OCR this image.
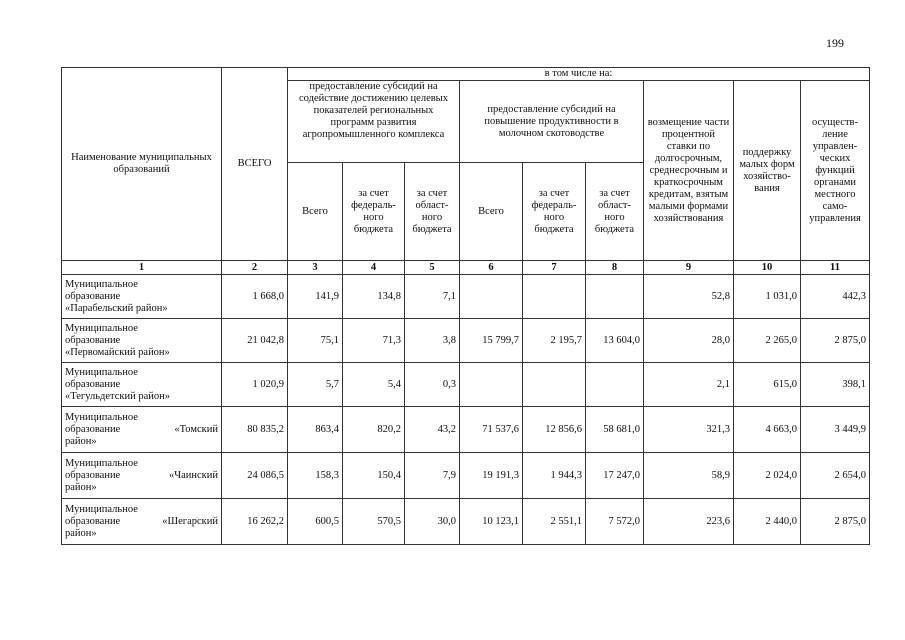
199
Наименование муниципальных образований	ВСЕГО	в том числе на:								
		предоставление субсидий на содействие достижению целевых показателей региональных программ развития агропромышленного комплекса			предоставление субсидий на повышение продуктивности в молочном скотоводстве			возмещение части процентной ставки по долгосрочным, среднесрочным и краткосрочным кредитам, взятым малыми формами хозяйствования	поддержку малых форм хозяйство-вания	осуществ-ление управлен-ческих функций органами местного само-управления
		Всего	за счет федераль-ного бюджета	за счет област-ного бюджета	Всего	за счет федераль-ного бюджета	за счет област-ного бюджета			
1	2	3	4	5	6	7	8	9	10	11

Муниципальное
образование
«Парабельский район»	1 668,0	141,9	134,8	7,1				52,8	1 031,0	442,3

Муниципальное
образование
«Первомайский район»	21 042,8	75,1	71,3	3,8	15 799,7	2 195,7	13 604,0	28,0	2 265,0	2 875,0

Муниципальное
образование
«Тегульдетский район»	1 020,9	5,7	5,4	0,3				2,1	615,0	398,1

Муниципальное
образование «Томский
район»	80 835,2	863,4	820,2	43,2	71 537,6	12 856,6	58 681,0	321,3	4 663,0	3 449,9

Муниципальное
образование «Чаинский
район»	24 086,5	158,3	150,4	7,9	19 191,3	1 944,3	17 247,0	58,9	2 024,0	2 654,0

Муниципальное
образование «Шегарский
район»	16 262,2	600,5	570,5	30,0	10 123,1	2 551,1	7 572,0	223,6	2 440,0	2 875,0
